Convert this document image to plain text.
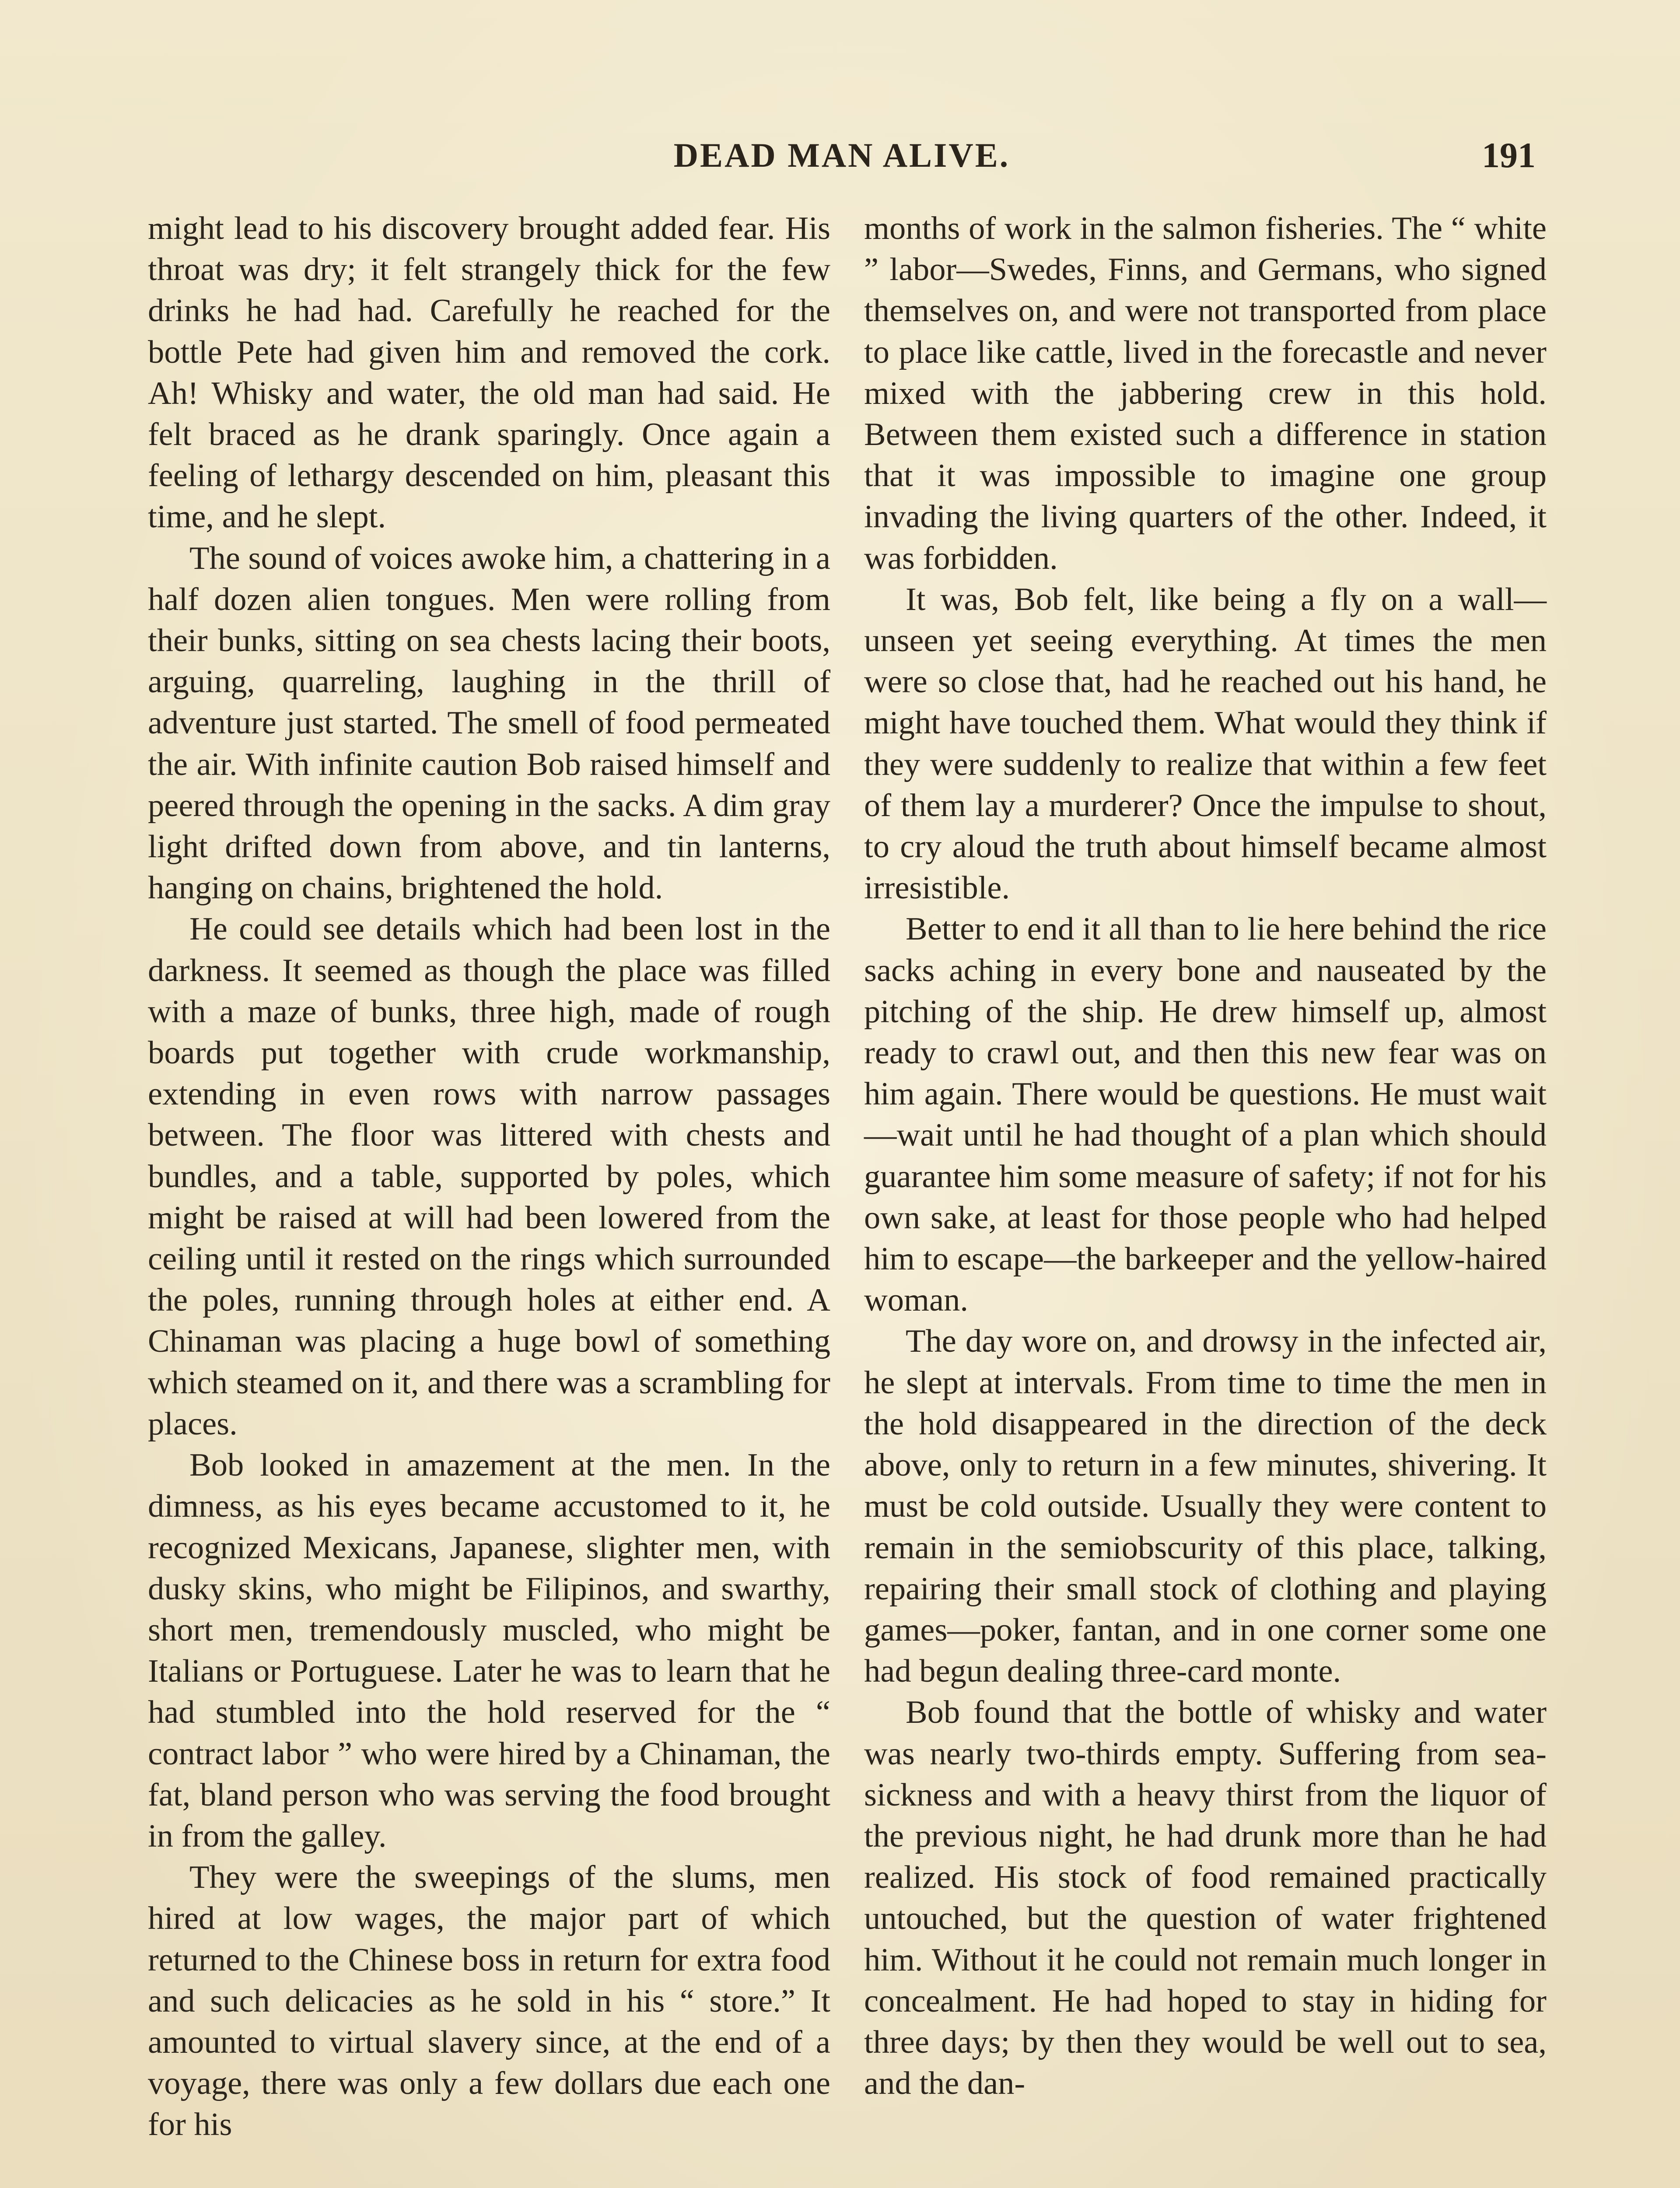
DEAD MAN ALIVE.	191

might lead to his discovery brought added fear. His throat was dry; it felt strangely thick for the few drinks he had had. Carefully he reached for the bottle Pete had given him and removed the cork. Ah! Whisky and water, the old man had said. He felt braced as he drank sparingly. Once again a feeling of lethargy descended on him, pleasant this time, and he slept.

The sound of voices awoke him, a chattering in a half dozen alien tongues. Men were rolling from their bunks, sitting on sea chests lacing their boots, arguing, quarreling, laughing in the thrill of adventure just started. The smell of food permeated the air. With infinite caution Bob raised himself and peered through the opening in the sacks. A dim gray light drifted down from above, and tin lanterns, hanging on chains, brightened the hold.

He could see details which had been lost in the darkness. It seemed as though the place was filled with a maze of bunks, three high, made of rough boards put together with crude workmanship, extending in even rows with narrow passages between. The floor was littered with chests and bundles, and a table, supported by poles, which might be raised at will had been lowered from the ceiling until it rested on the rings which surrounded the poles, running through holes at either end. A Chinaman was placing a huge bowl of something which steamed on it, and there was a scrambling for places.

Bob looked in amazement at the men. In the dimness, as his eyes became accustomed to it, he recognized Mexicans, Japanese, slighter men, with dusky skins, who might be Filipinos, and swarthy, short men, tremendously muscled, who might be Italians or Portuguese. Later he was to learn that he had stumbled into the hold reserved for the “ contract labor ” who were hired by a Chinaman, the fat, bland person who was serving the food brought in from the galley.

They were the sweepings of the slums, men hired at low wages, the major part of which returned to the Chinese boss in return for extra food and such delicacies as he sold in his “ store.” It amounted to virtual slavery since, at the end of a voyage, there was only a few dollars due each one for his

months of work in the salmon fisheries. The “ white ” labor—Swedes, Finns, and Germans, who signed themselves on, and were not transported from place to place like cattle, lived in the forecastle and never mixed with the jabbering crew in this hold. Between them existed such a difference in station that it was impossible to imagine one group invading the living quarters of the other. Indeed, it was forbidden.

It was, Bob felt, like being a fly on a wall—unseen yet seeing everything. At times the men were so close that, had he reached out his hand, he might have touched them. What would they think if they were suddenly to realize that within a few feet of them lay a murderer? Once the impulse to shout, to cry aloud the truth about himself became almost irresistible.

Better to end it all than to lie here behind the rice sacks aching in every bone and nauseated by the pitching of the ship. He drew himself up, almost ready to crawl out, and then this new fear was on him again. There would be questions. He must wait—wait until he had thought of a plan which should guarantee him some measure of safety; if not for his own sake, at least for those people who had helped him to escape—the barkeeper and the yellow-haired woman.

The day wore on, and drowsy in the infected air, he slept at intervals. From time to time the men in the hold disappeared in the direction of the deck above, only to return in a few minutes, shivering. It must be cold outside. Usually they were content to remain in the semiobscurity of this place, talking, repairing their small stock of clothing and playing games—poker, fantan, and in one corner some one had begun dealing three-card monte.

Bob found that the bottle of whisky and water was nearly two-thirds empty. Suffering from sea-sickness and with a heavy thirst from the liquor of the previous night, he had drunk more than he had realized. His stock of food remained practically untouched, but the question of water frightened him. Without it he could not remain much longer in concealment. He had hoped to stay in hiding for three days; by then they would be well out to sea, and the dan-
